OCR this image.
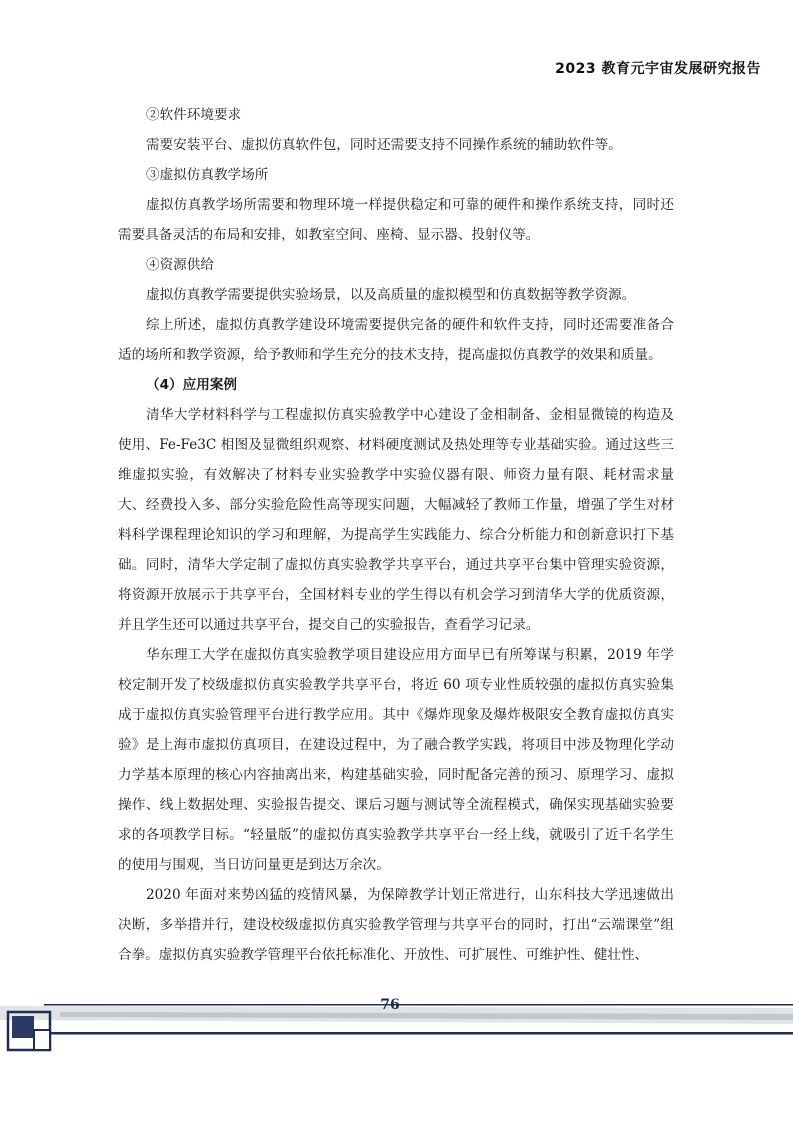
2023 教育元宇宙发展研究报告

②软件环境要求

需要安装平台、虚拟仿真软件包，同时还需要支持不同操作系统的辅助软件等。

③虚拟仿真教学场所

虚拟仿真教学场所需要和物理环境一样提供稳定和可靠的硬件和操作系统支持，同时还需要具备灵活的布局和安排，如教室空间、座椅、显示器、投射仪等。

④资源供给

虚拟仿真教学需要提供实验场景，以及高质量的虚拟模型和仿真数据等教学资源。

综上所述，虚拟仿真教学建设环境需要提供完备的硬件和软件支持，同时还需要准备合适的场所和教学资源，给予教师和学生充分的技术支持，提高虚拟仿真教学的效果和质量。

（4）应用案例

清华大学材料科学与工程虚拟仿真实验教学中心建设了金相制备、金相显微镜的构造及使用、Fe-Fe3C 相图及显微组织观察、材料硬度测试及热处理等专业基础实验。通过这些三维虚拟实验，有效解决了材料专业实验教学中实验仪器有限、师资力量有限、耗材需求量大、经费投入多、部分实验危险性高等现实问题，大幅减轻了教师工作量，增强了学生对材料科学课程理论知识的学习和理解，为提高学生实践能力、综合分析能力和创新意识打下基础。同时，清华大学定制了虚拟仿真实验教学共享平台，通过共享平台集中管理实验资源，将资源开放展示于共享平台，全国材料专业的学生得以有机会学习到清华大学的优质资源，并且学生还可以通过共享平台，提交自己的实验报告，查看学习记录。

华东理工大学在虚拟仿真实验教学项目建设应用方面早已有所筹谋与积累，2019 年学校定制开发了校级虚拟仿真实验教学共享平台，将近 60 项专业性质较强的虚拟仿真实验集成于虚拟仿真实验管理平台进行教学应用。其中《爆炸现象及爆炸极限安全教育虚拟仿真实验》是上海市虚拟仿真项目，在建设过程中，为了融合教学实践，将项目中涉及物理化学动力学基本原理的核心内容抽离出来，构建基础实验，同时配备完善的预习、原理学习、虚拟操作、线上数据处理、实验报告提交、课后习题与测试等全流程模式，确保实现基础实验要求的各项教学目标。“轻量版”的虚拟仿真实验教学共享平台一经上线，就吸引了近千名学生的使用与围观，当日访问量更是到达万余次。

2020 年面对来势凶猛的疫情风暴，为保障教学计划正常进行，山东科技大学迅速做出决断，多举措并行，建设校级虚拟仿真实验教学管理与共享平台的同时，打出“云端课堂”组合拳。虚拟仿真实验教学管理平台依托标准化、开放性、可扩展性、可维护性、健壮性、

76
